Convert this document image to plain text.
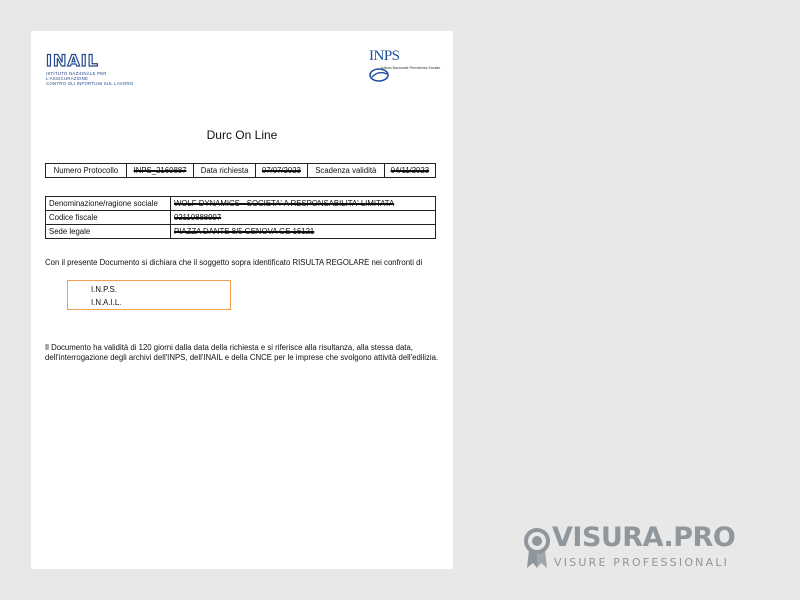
INAIL
ISTITUTO NAZIONALE PER L'ASSICURAZIONE
CONTRO GLI INFORTUNI SUL LAVORO
INPS
Istituto Nazionale Previdenza Sociale
Durc On Line
Numero Protocollo	INPS_2160887	Data richiesta	07/07/2023	Scadenza validità	04/11/2023
Denominazione/ragione sociale	WOLF DYNAMICS - SOCIETA' A RESPONSABILITA' LIMITATA
Codice fiscale	02110888997
Sede legale	PIAZZA DANTE 8/5 GENOVA GE 16121
Con il presente Documento si dichiara che il soggetto sopra identificato RISULTA REGOLARE nei confronti di
I.N.P.S.
I.N.A.I.L.
Il Documento ha validità di 120 giorni dalla data della richiesta e si riferisce alla risultanza, alla stessa data,
dell'interrogazione degli archivi dell'INPS, dell'INAIL e della CNCE per le imprese che svolgono attività dell'edilizia.
VISURA.PRO
VISURE PROFESSIONALI
